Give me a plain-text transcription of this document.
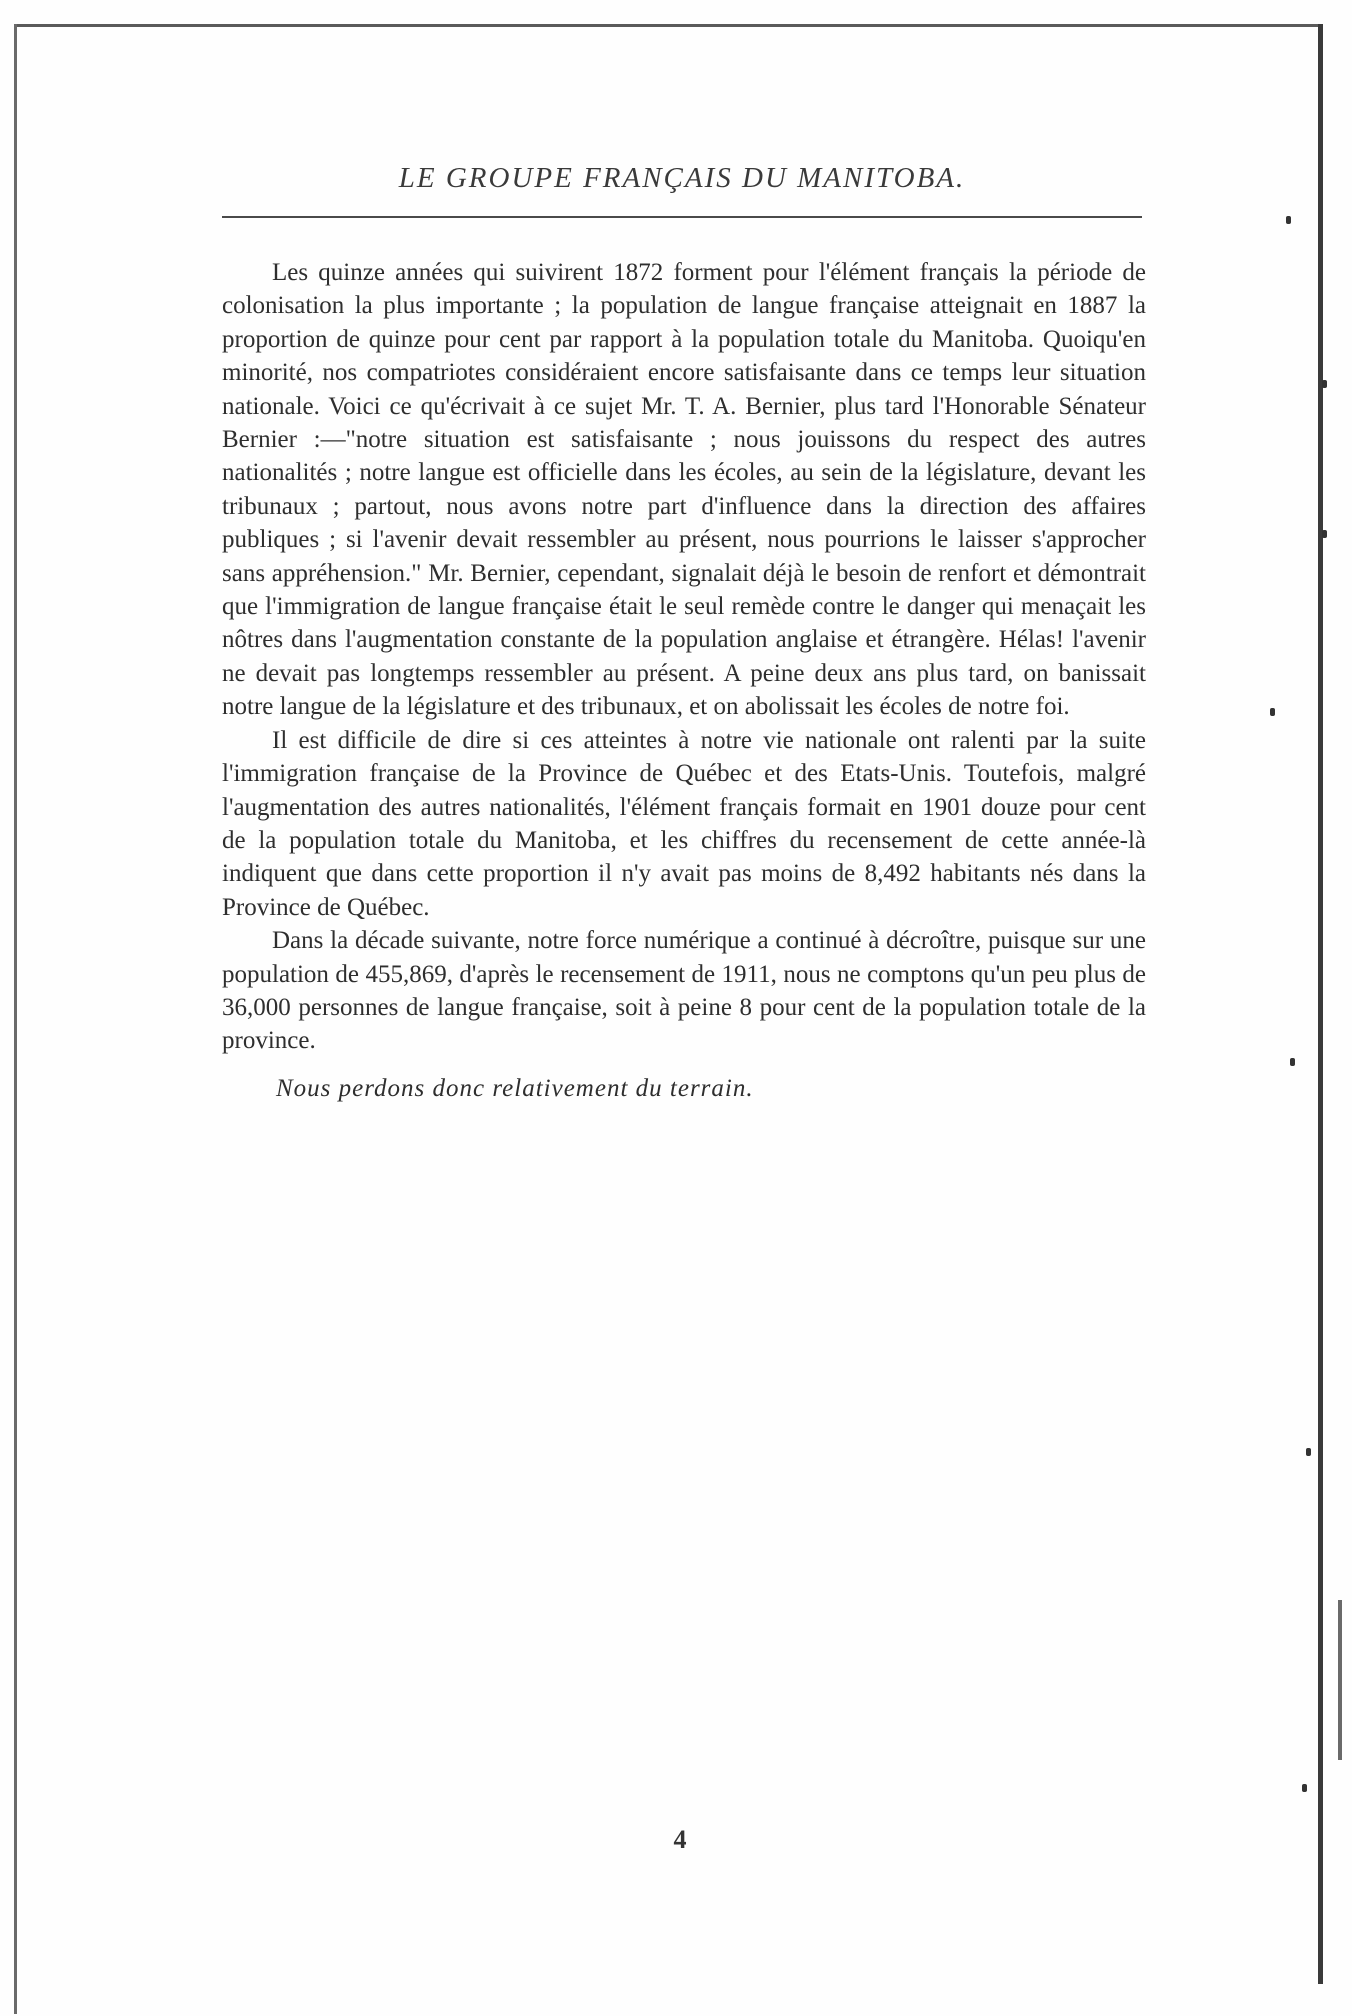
LE GROUPE FRANÇAIS DU MANITOBA.

Les quinze années qui suivirent 1872 forment pour l'élément français la période de colonisation la plus importante ; la population de langue française atteignait en 1887 la proportion de quinze pour cent par rapport à la population totale du Manitoba. Quoiqu'en minorité, nos compatriotes considéraient encore satisfaisante dans ce temps leur situation nationale. Voici ce qu'écrivait à ce sujet Mr. T. A. Bernier, plus tard l'Honorable Sénateur Bernier :—"notre situation est satisfaisante ; nous jouissons du respect des autres nationalités ; notre langue est officielle dans les écoles, au sein de la législature, devant les tribunaux ; partout, nous avons notre part d'influence dans la direction des affaires publiques ; si l'avenir devait ressembler au présent, nous pourrions le laisser s'approcher sans appréhension." Mr. Bernier, cependant, signalait déjà le besoin de renfort et démontrait que l'immigration de langue française était le seul remède contre le danger qui menaçait les nôtres dans l'augmentation constante de la population anglaise et étrangère. Hélas! l'avenir ne devait pas longtemps ressembler au présent. A peine deux ans plus tard, on banissait notre langue de la législature et des tribunaux, et on abolissait les écoles de notre foi.

Il est difficile de dire si ces atteintes à notre vie nationale ont ralenti par la suite l'immigration française de la Province de Québec et des Etats-Unis. Toutefois, malgré l'augmentation des autres nationalités, l'élément français formait en 1901 douze pour cent de la population totale du Manitoba, et les chiffres du recensement de cette année-là indiquent que dans cette proportion il n'y avait pas moins de 8,492 habitants nés dans la Province de Québec.

Dans la décade suivante, notre force numérique a continué à décroître, puisque sur une population de 455,869, d'après le recensement de 1911, nous ne comptons qu'un peu plus de 36,000 personnes de langue française, soit à peine 8 pour cent de la population totale de la province.

Nous perdons donc relativement du terrain.

4
